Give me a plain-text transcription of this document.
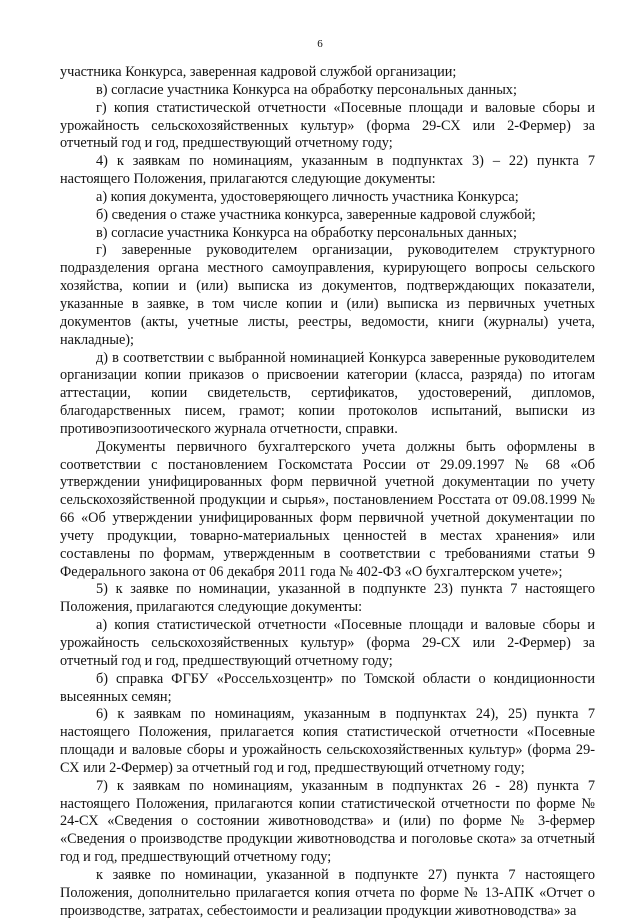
6

участника Конкурса, заверенная кадровой службой организации;

в) согласие участника Конкурса на обработку персональных данных;

г) копия статистической отчетности «Посевные площади и валовые сборы и урожайность сельскохозяйственных культур» (форма 29-СХ или 2-Фермер) за отчетный год и год, предшествующий отчетному году;

4) к заявкам по номинациям, указанным в подпунктах 3) – 22) пункта 7 настоящего Положения, прилагаются следующие документы:

а) копия документа, удостоверяющего личность участника Конкурса;

б) сведения о стаже участника конкурса, заверенные кадровой службой;

в) согласие участника Конкурса на обработку персональных данных;

г) заверенные руководителем организации, руководителем структурного подразделения органа местного самоуправления, курирующего вопросы сельского хозяйства, копии и (или) выписка из документов, подтверждающих показатели, указанные в заявке, в том числе копии и (или) выписка из первичных учетных документов (акты, учетные листы, реестры, ведомости, книги (журналы) учета, накладные);

д) в соответствии с выбранной номинацией Конкурса заверенные руководителем организации копии приказов о присвоении категории (класса, разряда) по итогам аттестации, копии свидетельств, сертификатов, удостоверений, дипломов, благодарственных писем, грамот; копии протоколов испытаний, выписки из противоэпизоотического журнала отчетности, справки.

Документы первичного бухгалтерского учета должны быть оформлены в соответствии с постановлением Госкомстата России от 29.09.1997 № 68 «Об утверждении унифицированных форм первичной учетной документации по учету сельскохозяйственной продукции и сырья», постановлением Росстата от 09.08.1999 № 66 «Об утверждении унифицированных форм первичной учетной документации по учету продукции, товарно-материальных ценностей в местах хранения» или составлены по формам, утвержденным в соответствии с требованиями статьи 9 Федерального закона от 06 декабря 2011 года № 402-ФЗ «О бухгалтерском учете»;

5) к заявке по номинации, указанной в подпункте 23) пункта 7 настоящего Положения, прилагаются следующие документы:

а) копия статистической отчетности «Посевные площади и валовые сборы и урожайность сельскохозяйственных культур» (форма 29-СХ или 2-Фермер) за отчетный год и год, предшествующий отчетному году;

б) справка ФГБУ «Россельхозцентр» по Томской области о кондиционности высеянных семян;

6) к заявкам по номинациям, указанным в подпунктах 24), 25) пункта 7 настоящего Положения, прилагается копия статистической отчетности «Посевные площади и валовые сборы и урожайность сельскохозяйственных культур» (форма 29-СХ или 2-Фермер) за отчетный год и год, предшествующий отчетному году;

7) к заявкам по номинациям, указанным в подпунктах 26 - 28) пункта 7 настоящего Положения, прилагаются копии статистической отчетности по форме № 24-СХ «Сведения о состоянии животноводства» и (или) по форме № 3-фермер «Сведения о производстве продукции животноводства и поголовье скота» за отчетный год и год, предшествующий отчетному году;

к заявке по номинации, указанной в подпункте 27) пункта 7 настоящего Положения, дополнительно прилагается копия отчета по форме № 13-АПК «Отчет о производстве, затратах, себестоимости и реализации продукции животноводства» за
